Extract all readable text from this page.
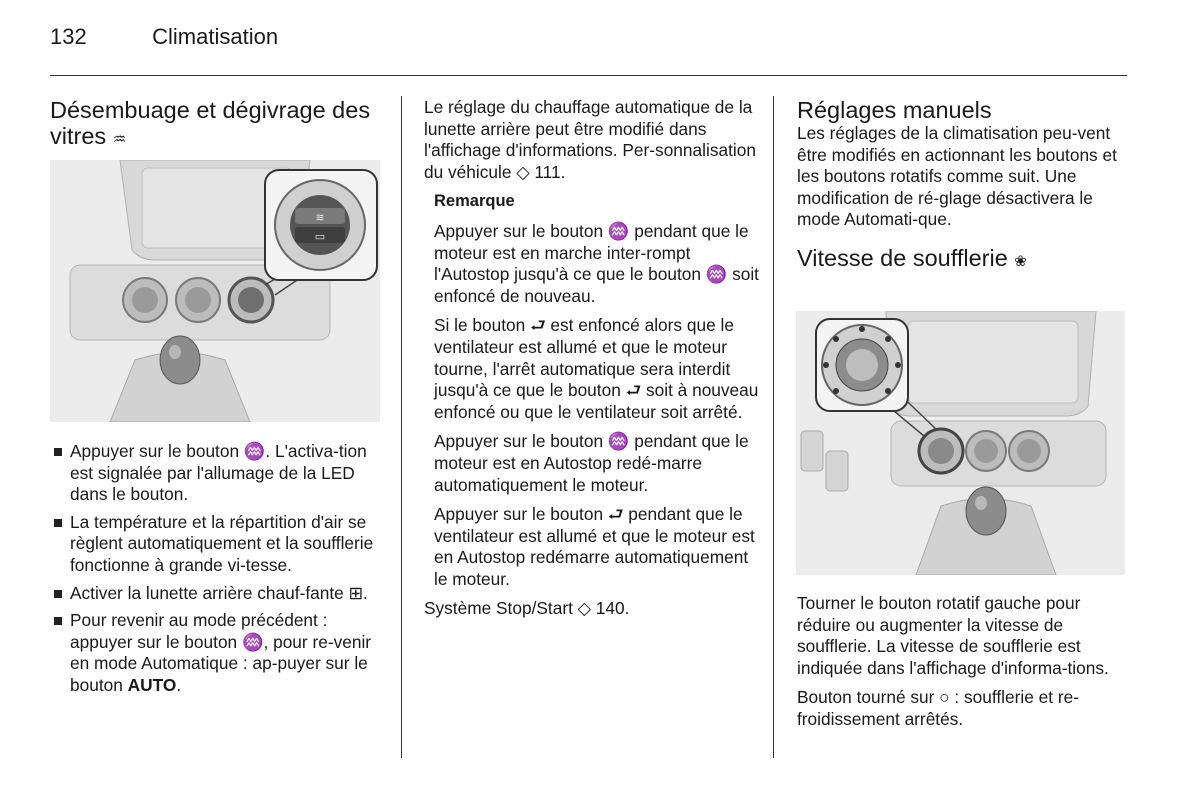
132	Climatisation
Désembuage et dégivrage des
vitres ♒
≋
▭
Appuyer sur le bouton ♒. L'activa-tion est signalée par l'allumage de la LED dans le bouton.
La température et la répartition d'air se règlent automatiquement et la soufflerie fonctionne à grande vi-tesse.
Activer la lunette arrière chauf-fante ⊞.
Pour revenir au mode précédent : appuyer sur le bouton ♒, pour re-venir en mode Automatique : ap-puyer sur le bouton AUTO.

Le réglage du chauffage automatique de la lunette arrière peut être modifié dans l'affichage d'informations. Per-sonnalisation du véhicule ◇ 111.

Remarque

Appuyer sur le bouton ♒ pendant que le moteur est en marche inter-rompt l'Autostop jusqu'à ce que le bouton ♒ soit enfoncé de nouveau.

Si le bouton ⮐ est enfoncé alors que le ventilateur est allumé et que le moteur tourne, l'arrêt automatique sera interdit jusqu'à ce que le bouton ⮐ soit à nouveau enfoncé ou que le ventilateur soit arrêté.

Appuyer sur le bouton ♒ pendant que le moteur est en Autostop redé-marre automatiquement le moteur.

Appuyer sur le bouton ⮐ pendant que le ventilateur est allumé et que le moteur est en Autostop redémarre automatiquement le moteur.

Système Stop/Start ◇ 140.

Réglages manuels

Les réglages de la climatisation peu-vent être modifiés en actionnant les boutons et les boutons rotatifs comme suit. Une modification de ré-glage désactivera le mode Automati-que.

Vitesse de soufflerie ❀

Tourner le bouton rotatif gauche pour réduire ou augmenter la vitesse de soufflerie. La vitesse de soufflerie est indiquée dans l'affichage d'informa-tions.

Bouton tourné sur ○ : soufflerie et re-froidissement arrêtés.
